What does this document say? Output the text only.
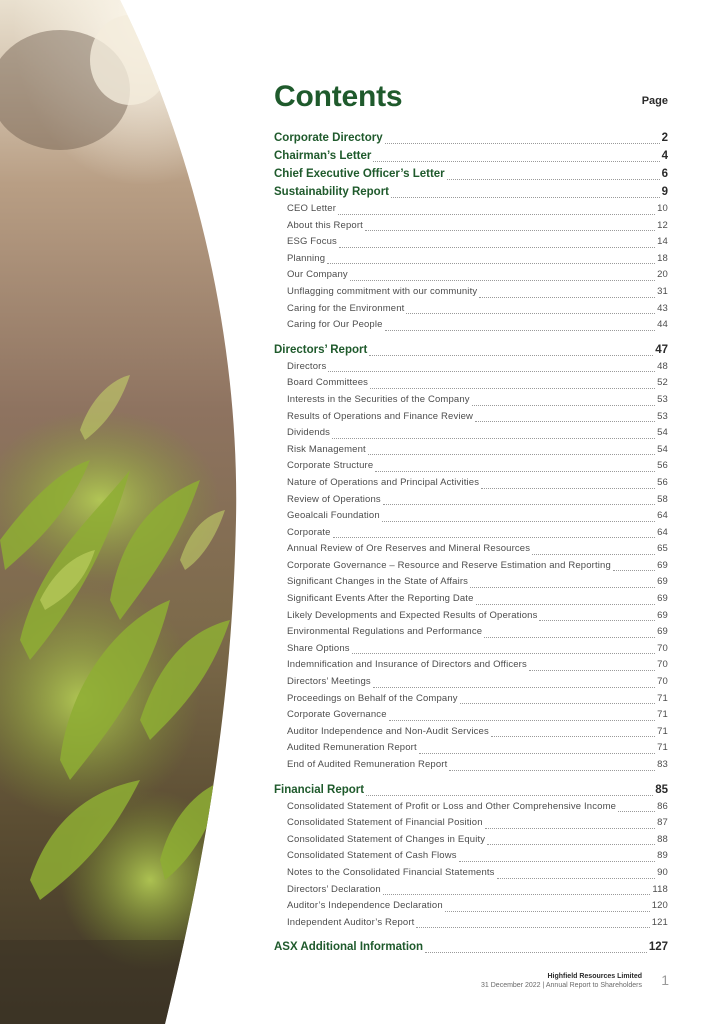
Contents	Page
Corporate Directory	2
Chairman’s Letter	4
Chief Executive Officer’s Letter	6
Sustainability Report	9
CEO Letter	10
About this Report	12
ESG Focus	14
Planning	18
Our Company	20
Unflagging commitment with our community	31
Caring for the Environment	43
Caring for Our People	44
Directors’ Report	47
Directors	48
Board Committees	52
Interests in the Securities of the Company	53
Results of Operations and Finance Review	53
Dividends	54
Risk Management	54
Corporate Structure	56
Nature of Operations and Principal Activities	56
Review of Operations	58
Geoalcali Foundation	64
Corporate	64
Annual Review of Ore Reserves and Mineral Resources	65
Corporate Governance – Resource and Reserve Estimation and Reporting	69
Significant Changes in the State of Affairs	69
Significant Events After the Reporting Date	69
Likely Developments and Expected Results of Operations	69
Environmental Regulations and Performance	69
Share Options	70
Indemnification and Insurance of Directors and Officers	70
Directors’ Meetings	70
Proceedings on Behalf of the Company	71
Corporate Governance	71
Auditor Independence and Non-Audit Services	71
Audited Remuneration Report	71
End of Audited Remuneration Report	83
Financial Report	85
Consolidated Statement of Profit or Loss and Other Comprehensive Income	86
Consolidated Statement of Financial Position	87
Consolidated Statement of Changes in Equity	88
Consolidated Statement of Cash Flows	89
Notes to the Consolidated Financial Statements	90
Directors’ Declaration	118
Auditor’s Independence Declaration	120
Independent Auditor’s Report	121
ASX Additional Information	127
Highfield Resources Limited
31 December 2022 | Annual Report to Shareholders 1
